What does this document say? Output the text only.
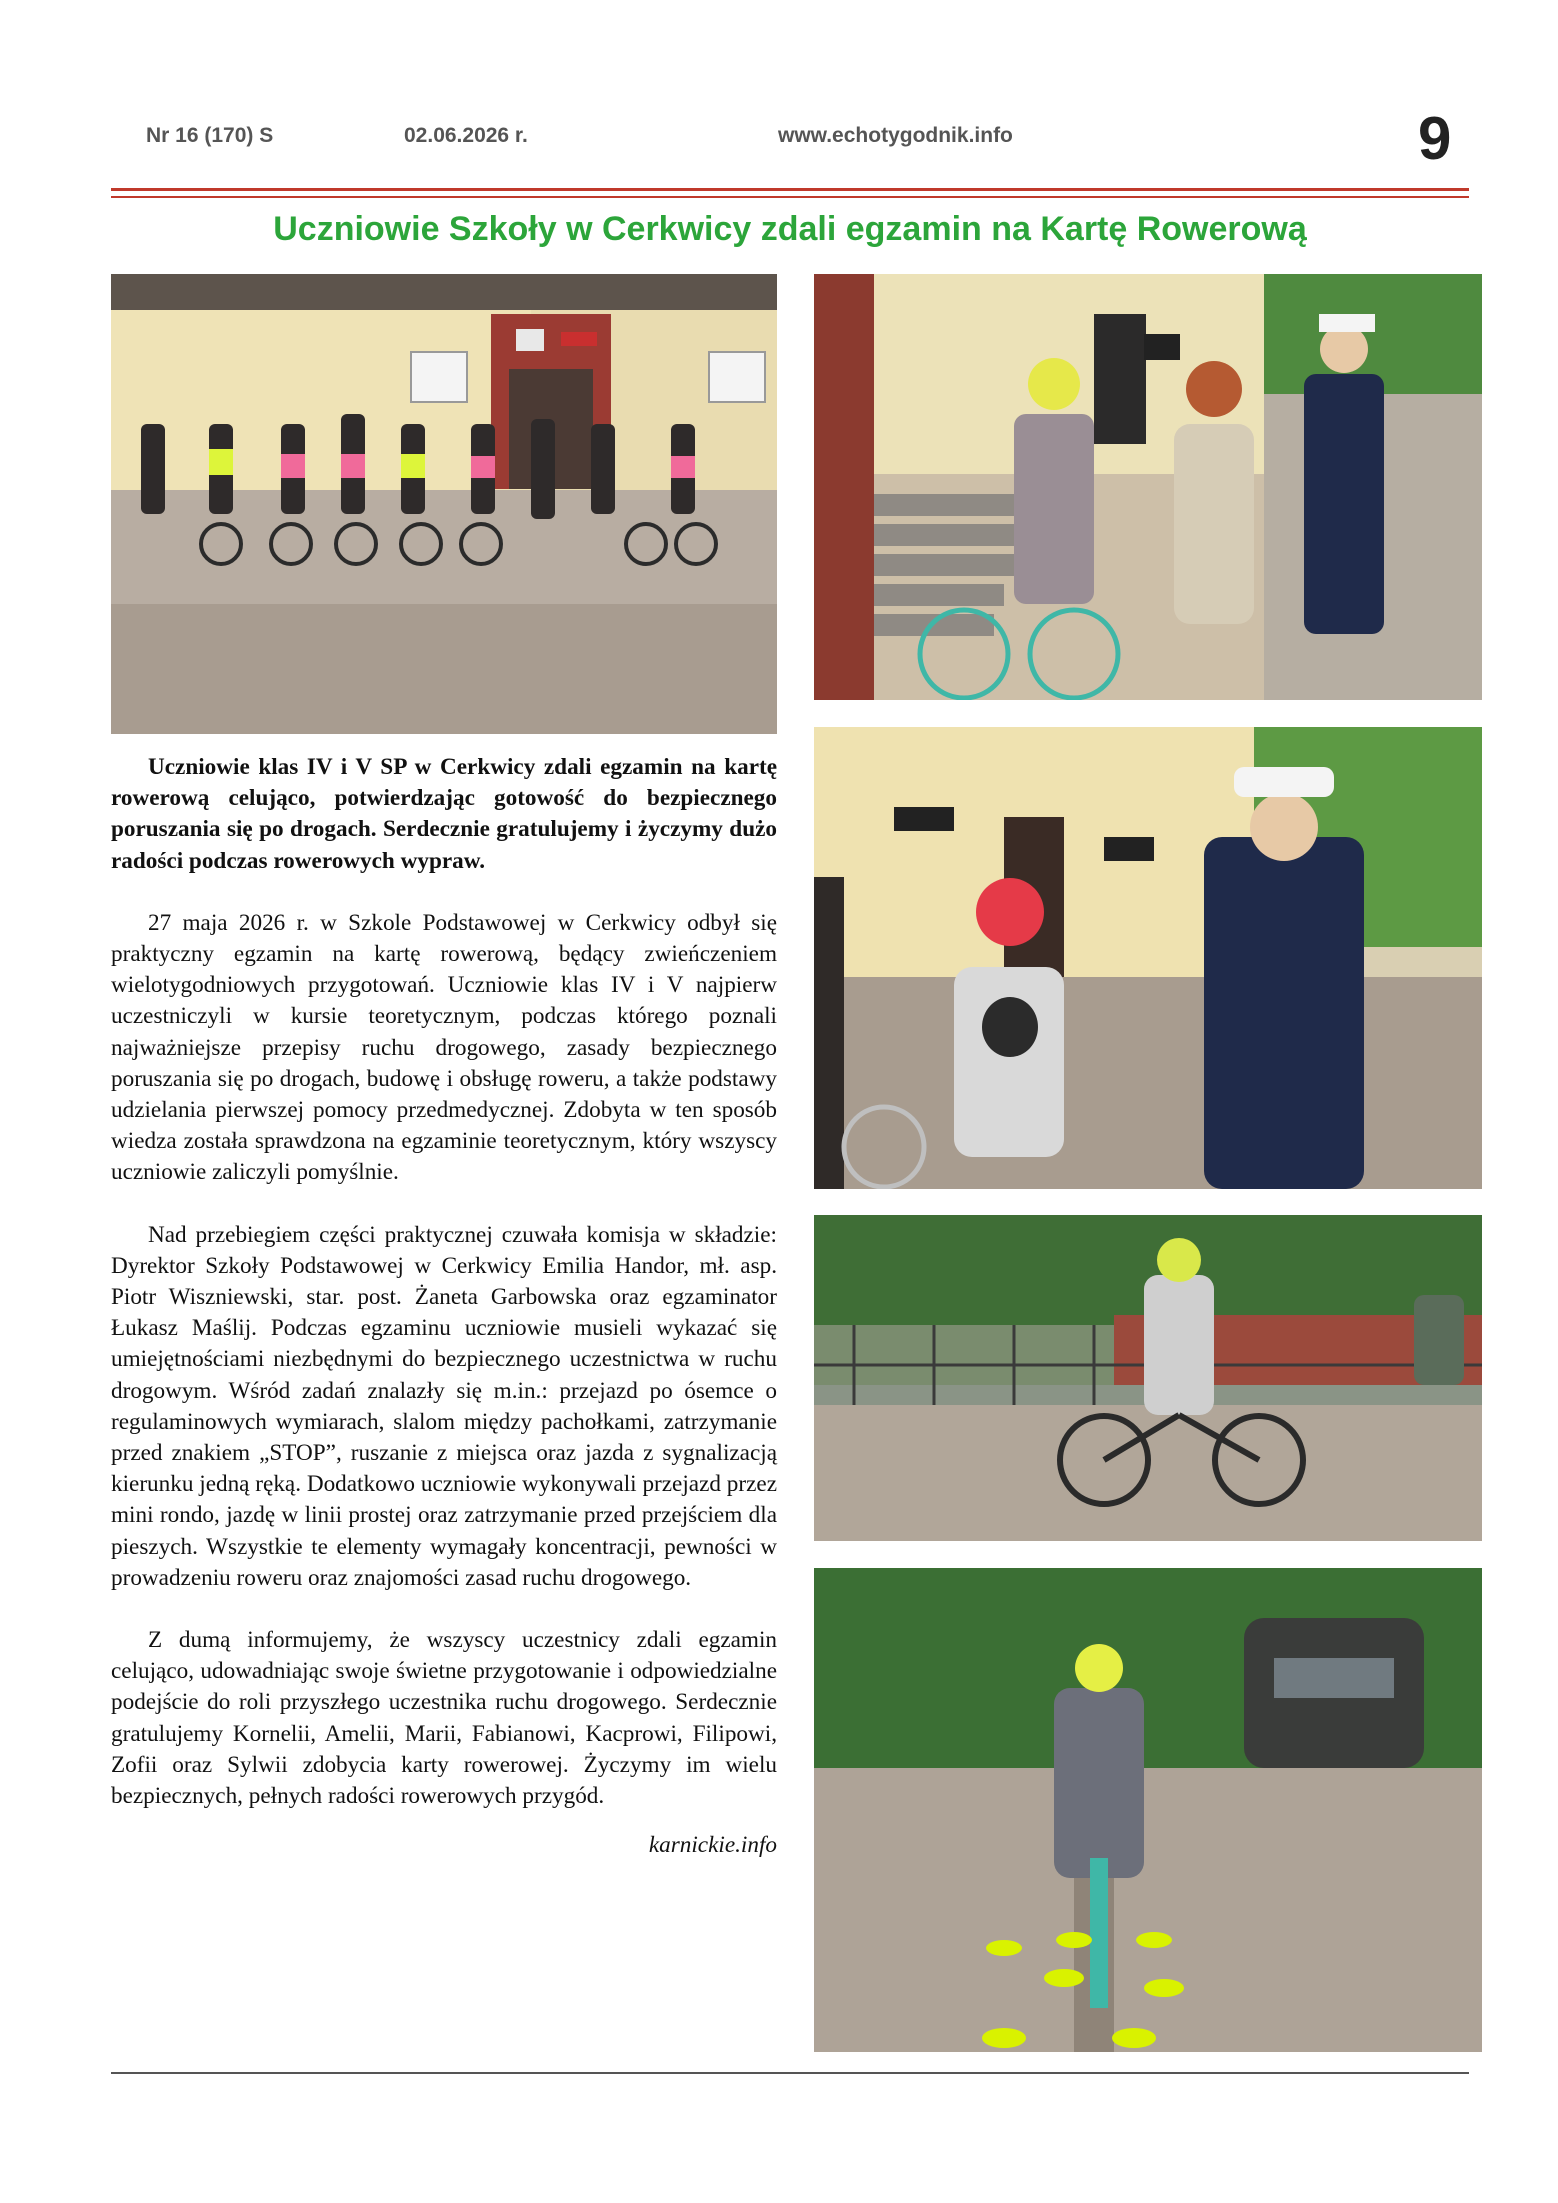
Nr 16 (170) S	02.06.2026 r.	www.echotygodnik.info	9
Uczniowie Szkoły w Cerkwicy zdali egzamin na Kartę Rowerową

Uczniowie klas IV i V SP w Cerkwicy zdali egzamin na kartę rowerową celująco, potwierdzając gotowość do bezpiecznego poruszania się po drogach. Serdecznie gratulujemy i życzymy dużo radości podczas rowerowych wypraw.

27 maja 2026 r. w Szkole Podstawowej w Cerkwicy odbył się praktyczny egzamin na kartę rowerową, będący zwieńczeniem wielotygodniowych przygotowań. Uczniowie klas IV i V najpierw uczestniczyli w kursie teoretycznym, podczas którego poznali najważniejsze przepisy ruchu drogowego, zasady bezpiecznego poruszania się po drogach, budowę i obsługę roweru, a także podstawy udzielania pierwszej pomocy przedmedycznej. Zdobyta w ten sposób wiedza została sprawdzona na egzaminie teoretycznym, który wszyscy uczniowie zaliczyli pomyślnie.

Nad przebiegiem części praktycznej czuwała komisja w składzie: Dyrektor Szkoły Podstawowej w Cerkwicy Emilia Handor, mł. asp. Piotr Wiszniewski, star. post. Żaneta Garbowska oraz egzaminator Łukasz Maślij. Podczas egzaminu uczniowie musieli wykazać się umiejętnościami niezbędnymi do bezpiecznego uczestnictwa w ruchu drogowym. Wśród zadań znalazły się m.in.: przejazd po ósemce o regulaminowych wymiarach, slalom między pachołkami, zatrzymanie przed znakiem „STOP”, ruszanie z miejsca oraz jazda z sygnalizacją kierunku jedną ręką. Dodatkowo uczniowie wykonywali przejazd przez mini rondo, jazdę w linii prostej oraz zatrzymanie przed przejściem dla pieszych. Wszystkie te elementy wymagały koncentracji, pewności w prowadzeniu roweru oraz znajomości zasad ruchu drogowego.

Z dumą informujemy, że wszyscy uczestnicy zdali egzamin celująco, udowadniając swoje świetne przygotowanie i odpowiedzialne podejście do roli przyszłego uczestnika ruchu drogowego. Serdecznie gratulujemy Kornelii, Amelii, Marii, Fabianowi, Kacprowi, Filipowi, Zofii oraz Sylwii zdobycia karty rowerowej. Życzymy im wielu bezpiecznych, pełnych radości rowerowych przygód.

karnickie.info
